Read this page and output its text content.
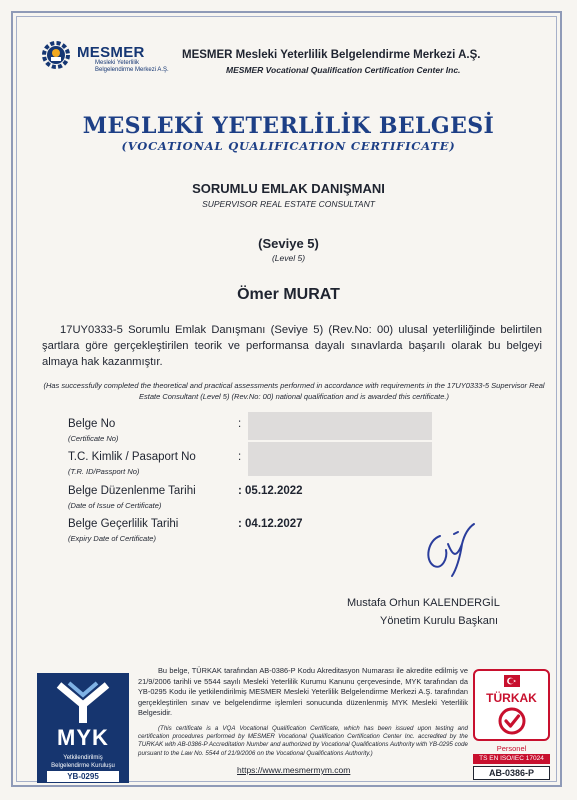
MESMER
Mesleki Yeterlilik
Belgelendirme Merkezi A.Ş.
MESMER Mesleki Yeterlilik Belgelendirme Merkezi A.Ş.
MESMER Vocational Qualification Certification Center Inc.
MESLEKİ YETERLİLİK BELGESİ
(VOCATIONAL QUALIFICATION CERTIFICATE)
SORUMLU EMLAK DANIŞMANI
SUPERVISOR REAL ESTATE CONSULTANT
(Seviye 5)
(Level 5)
Ömer MURAT
17UY0333-5 Sorumlu Emlak Danışmanı (Seviye 5) (Rev.No: 00) ulusal yeterliliğinde belirtilen şartlara göre gerçekleştirilen teorik ve performansa dayalı sınavlarda başarılı olarak bu belgeyi almaya hak kazanmıştır.
(Has successfully completed the theoretical and practical assessments performed in accordance with requirements in the 17UY0333-5 Supervisor Real Estate Consultant (Level 5) (Rev.No: 00) national qualification and is awarded this certificate.)
Belge No
(Certificate No)
:
T.C. Kimlik / Pasaport No
(T.R. ID/Passport No)
:
Belge Düzenlenme Tarihi
(Date of Issue of Certificate)
: 05.12.2022
Belge Geçerlilik Tarihi
(Expiry Date of Certificate)
: 04.12.2027
Mustafa Orhun KALENDERGİL
Yönetim Kurulu Başkanı
MYK
Yetkilendirilmiş
Belgelendirme Kuruluşu
YB-0295
Bu belge, TÜRKAK tarafından AB-0386-P Kodu Akreditasyon Numarası ile akredite edilmiş ve 21/9/2006 tarihli ve 5544 sayılı Mesleki Yeterlilik Kurumu Kanunu çerçevesinde, MYK tarafından da YB-0295 Kodu ile yetkilendirilmiş MESMER Mesleki Yeterlilik Belgelendirme Merkezi A.Ş. tarafından gerçekleştirilen sınav ve belgelendirme işlemleri sonucunda düzenlenmiş MYK Mesleki Yeterlilik Belgesidir.
(This certificate is a VQA Vocational Qualification Certificate, which has been issued upon testing and certification procedures performed by MESMER Vocational Qualification Certification Center Inc. accredited by the TURKAK with AB-0386-P Accreditation Number and authorized by Vocational Qualifications Authority with YB-0295 code pursuant to the Law No. 5544 of 21/9/2006 on the Vocational Qualifications Authority.)
https://www.mesmermym.com
TÜRKAK
Personel
TS EN ISO/IEC 17024
AB-0386-P
